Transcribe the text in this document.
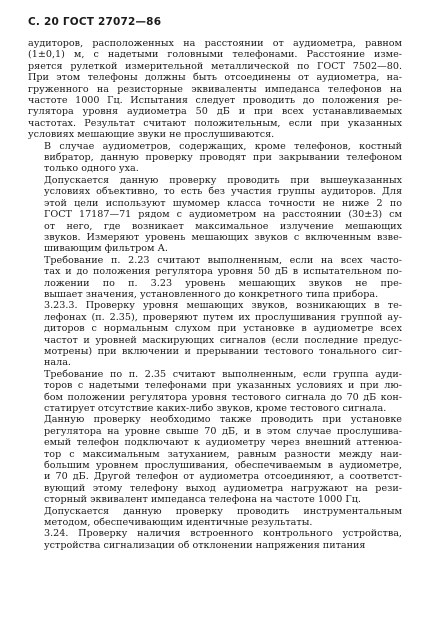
С. 20 ГОСТ 27072—86
аудиторов, расположенных на расстоянии от аудиометра, равном
(1±0,1) м, с надетыми головными телефонами. Расстояние изме-
ряется рулеткой измерительной металлической по ГОСТ 7502—80.
При этом телефоны должны быть отсоединены от аудиометра, на-
груженного на резисторные эквиваленты импеданса телефонов на
частоте 1000 Гц. Испытания следует проводить до положения ре-
гулятора уровня аудиометра 50 дБ и при всех устанавливаемых
частотах. Результат считают положительным, если при указанных
условиях мешающие звуки не прослушиваются.
В случае аудиометров, содержащих, кроме телефонов, костный
вибратор, данную проверку проводят при закрывании телефоном
только одного уха.
Допускается данную проверку проводить при вышеуказанных
условиях объективно, то есть без участия группы аудиторов. Для
этой цели используют шумомер класса точности не ниже 2 по
ГОСТ 17187—71 рядом с аудиометром на расстоянии (30±3) см
от него, где возникает максимальное излучение мешающих
звуков. Измеряют уровень мешающих звуков с включенным взве-
шивающим фильтром А.
Требование п. 2.23 считают выполненным, если на всех часто-
тах и до положения регулятора уровня 50 дБ в испытательном по-
ложении по п. 3.23 уровень мешающих звуков не пре-
вышает значения, установленного до конкретного типа прибора.
3.23.3. Проверку уровня мешающих звуков, возникающих в те-
лефонах (п. 2.35), проверяют путем их прослушивания группой ау-
диторов с нормальным слухом при установке в аудиометре всех
частот и уровней маскирующих сигналов (если последние предус-
мотрены) при включении и прерывании тестового тонального сиг-
нала.
Требование по п. 2.35 считают выполненным, если группа ауди-
торов с надетыми телефонами при указанных условиях и при лю-
бом положении регулятора уровня тестового сигнала до 70 дБ кон-
статирует отсутствие каких-либо звуков, кроме тестового сигнала.
Данную проверку необходимо также проводить при установке
регулятора на уровне свыше 70 дБ, и в этом случае прослушива-
емый телефон подключают к аудиометру через внешний аттенюа-
тор с максимальным затуханием, равным разности между наи-
большим уровнем прослушивания, обеспечиваемым в аудиометре,
и 70 дБ. Другой телефон от аудиометра отсоединяют, а соответст-
вующий этому телефону выход аудиометра нагружают на рези-
сторный эквивалент импеданса телефона на частоте 1000 Гц.
Допускается данную проверку проводить инструментальным
методом, обеспечивающим идентичные результаты.
3.24. Проверку наличия встроенного контрольного устройства,
устройства сигнализации об отклонении напряжения питания
